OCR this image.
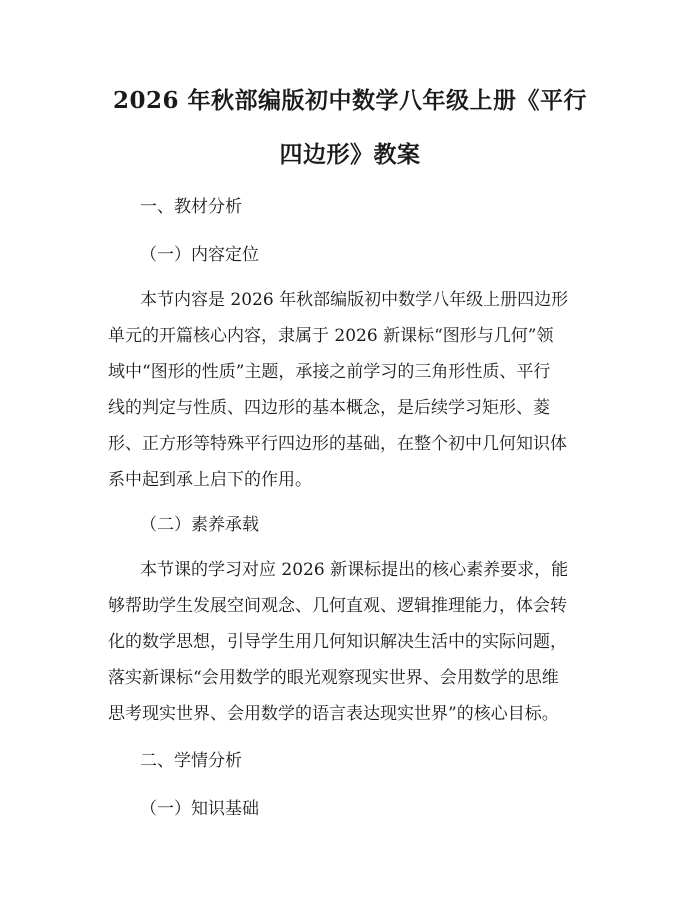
2026 年秋部编版初中数学八年级上册《平行
四边形》教案

一、教材分析

（一）内容定位

本节内容是 2026 年秋部编版初中数学八年级上册四边形
单元的开篇核心内容，隶属于 2026 新课标“图形与几何”领
域中“图形的性质”主题，承接之前学习的三角形性质、平行
线的判定与性质、四边形的基本概念，是后续学习矩形、菱
形、正方形等特殊平行四边形的基础，在整个初中几何知识体
系中起到承上启下的作用。

（二）素养承载

本节课的学习对应 2026 新课标提出的核心素养要求，能
够帮助学生发展空间观念、几何直观、逻辑推理能力，体会转
化的数学思想，引导学生用几何知识解决生活中的实际问题，
落实新课标“会用数学的眼光观察现实世界、会用数学的思维
思考现实世界、会用数学的语言表达现实世界”的核心目标。

二、学情分析

（一）知识基础
